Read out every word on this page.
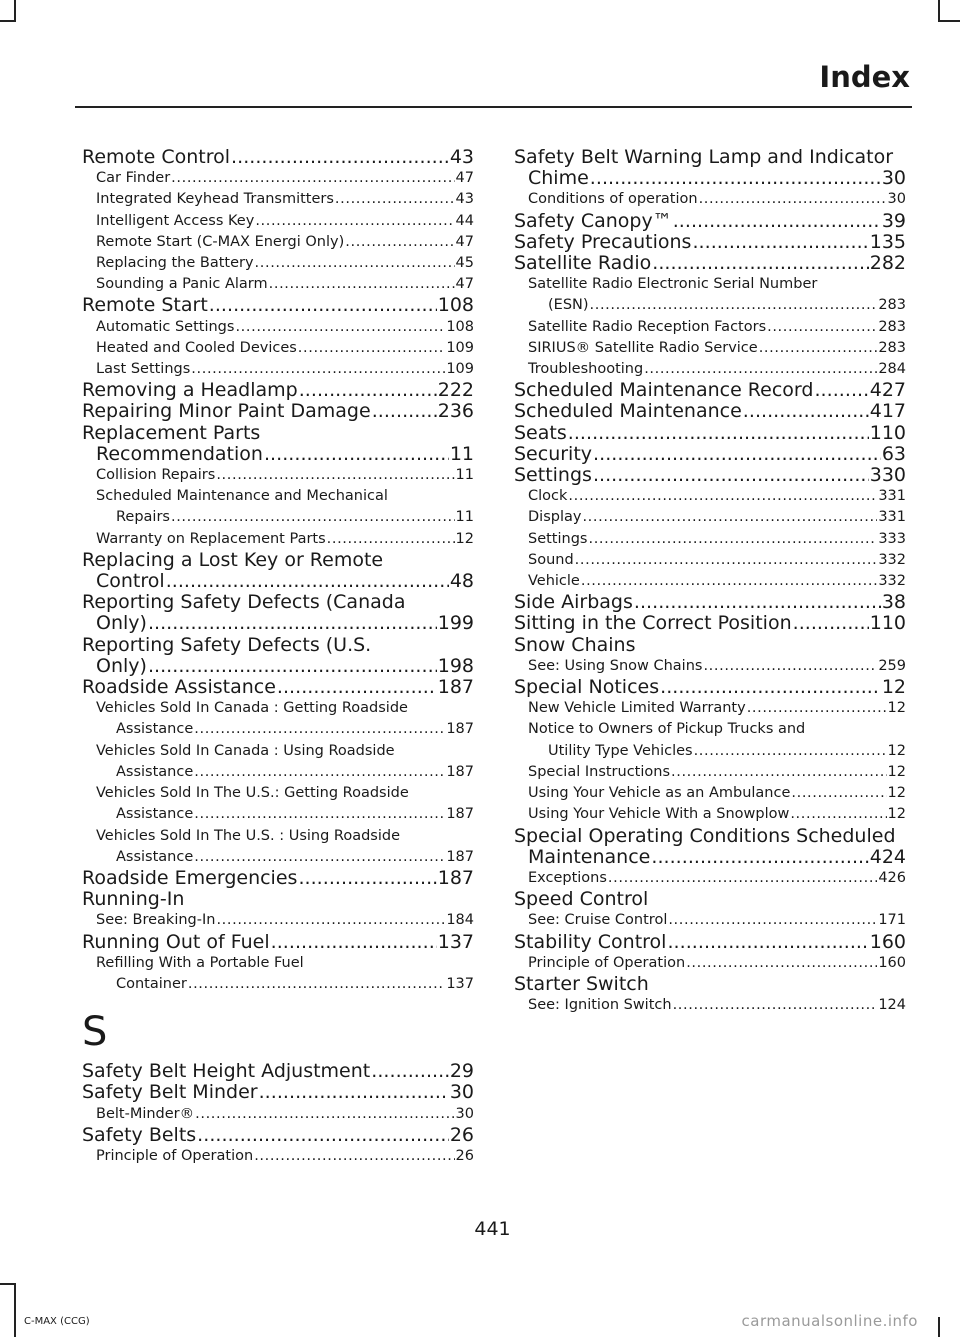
Index
Remote Control . . .	43
Car Finder . . .	47
Integrated Keyhead Transmitters . . .	43
Intelligent Access Key . . .	44
Remote Start (C-MAX Energi Only) . . .	47
Replacing the Battery . . .	45
Sounding a Panic Alarm . . .	47
Remote Start . . .	108
Automatic Settings . . .	108
Heated and Cooled Devices . . .	109
Last Settings . . .	109
Removing a Headlamp . . .	222
Repairing Minor Paint Damage . . .	236
Replacement Parts
Recommendation . . .	11
Collision Repairs . . .	11
Scheduled Maintenance and Mechanical
Repairs . . .	11
Warranty on Replacement Parts . . .	12
Replacing a Lost Key or Remote
Control . . .	48
Reporting Safety Defects (Canada
Only) . . .	199
Reporting Safety Defects (U.S.
Only) . . .	198
Roadside Assistance . . .	187
Vehicles Sold In Canada : Getting Roadside
Assistance . . .	187
Vehicles Sold In Canada : Using Roadside
Assistance . . .	187
Vehicles Sold In The U.S.: Getting Roadside
Assistance . . .	187
Vehicles Sold In The U.S. : Using Roadside
Assistance . . .	187
Roadside Emergencies . . .	187
Running-In
See: Breaking-In . . .	184
Running Out of Fuel . . .	137
Refilling With a Portable Fuel
Container . . .	137
S
Safety Belt Height Adjustment . . .	29
Safety Belt Minder . . .	30
Belt-Minder® . . .	30
Safety Belts . . .	26
Principle of Operation . . .	26
Safety Belt Warning Lamp and Indicator
Chime . . .	30
Conditions of operation . . .	30
Safety Canopy™ . . .	39
Safety Precautions . . .	135
Satellite Radio . . .	282
Satellite Radio Electronic Serial Number
(ESN) . . .	283
Satellite Radio Reception Factors . . .	283
SIRIUS® Satellite Radio Service . . .	283
Troubleshooting . . .	284
Scheduled Maintenance Record . . .	427
Scheduled Maintenance . . .	417
Seats . . .	110
Security . . .	63
Settings . . .	330
Clock . . .	331
Display . . .	331
Settings . . .	333
Sound . . .	332
Vehicle . . .	332
Side Airbags . . .	38
Sitting in the Correct Position . . .	110
Snow Chains
See: Using Snow Chains . . .	259
Special Notices . . .	12
New Vehicle Limited Warranty . . .	12
Notice to Owners of Pickup Trucks and
Utility Type Vehicles . . .	12
Special Instructions . . .	12
Using Your Vehicle as an Ambulance . . .	12
Using Your Vehicle With a Snowplow . . .	12
Special Operating Conditions Scheduled
Maintenance . . .	424
Exceptions . . .	426
Speed Control
See: Cruise Control . . .	171
Stability Control . . .	160
Principle of Operation . . .	160
Starter Switch
See: Ignition Switch . . .	124

441

C-MAX (CCG)	carmanualsonline.info
